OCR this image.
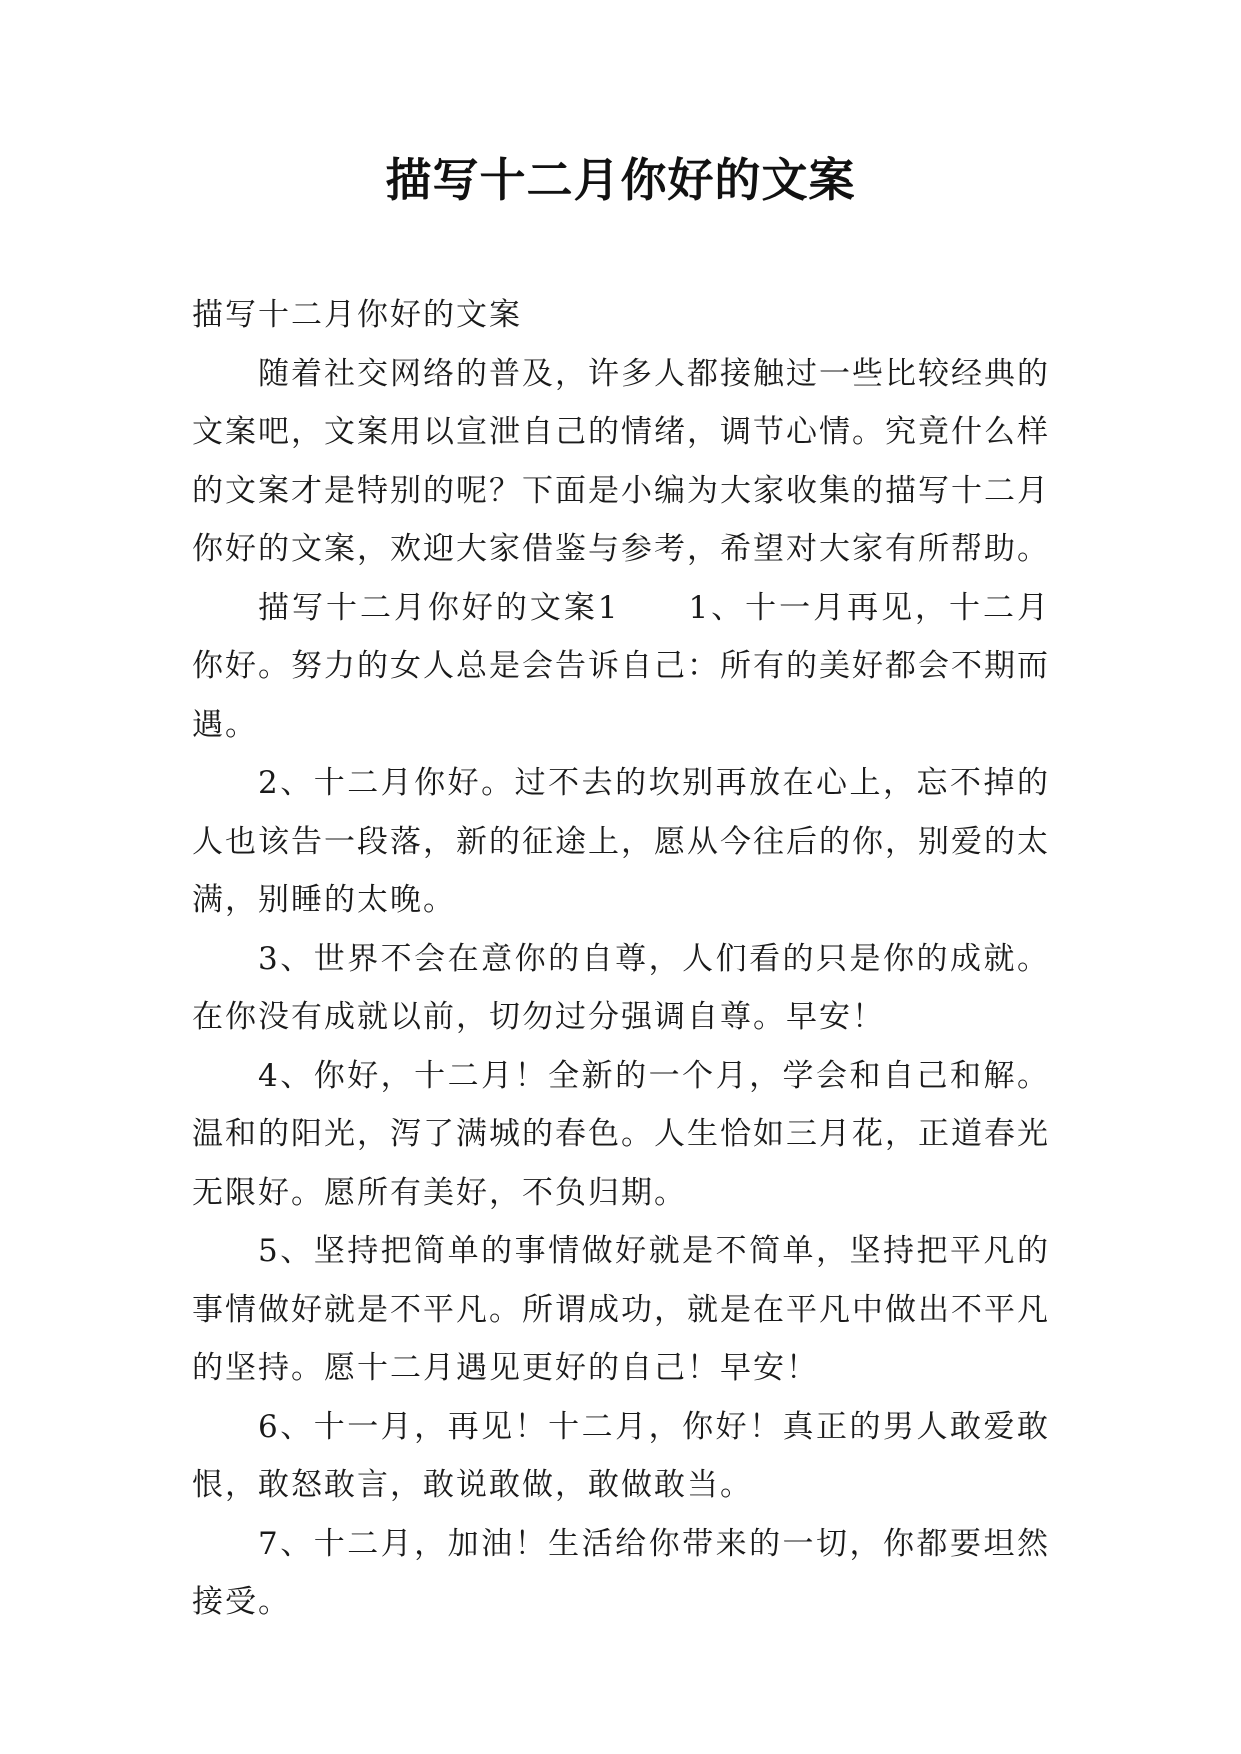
描写十二月你好的文案

描写十二月你好的文案

随着社交网络的普及，许多人都接触过一些比较经典的文案吧，文案用以宣泄自己的情绪，调节心情。究竟什么样的文案才是特别的呢？下面是小编为大家收集的描写十二月你好的文案，欢迎大家借鉴与参考，希望对大家有所帮助。

描写十二月你好的文案1　　1、十一月再见，十二月你好。努力的女人总是会告诉自己：所有的美好都会不期而遇。

2、十二月你好。过不去的坎别再放在心上，忘不掉的人也该告一段落，新的征途上，愿从今往后的你，别爱的太满，别睡的太晚。

3、世界不会在意你的自尊，人们看的只是你的成就。在你没有成就以前，切勿过分强调自尊。早安！

4、你好，十二月！全新的一个月，学会和自己和解。温和的阳光，泻了满城的春色。人生恰如三月花，正道春光无限好。愿所有美好，不负归期。

5、坚持把简单的事情做好就是不简单，坚持把平凡的事情做好就是不平凡。所谓成功，就是在平凡中做出不平凡的坚持。愿十二月遇见更好的自己！早安！

6、十一月，再见！十二月，你好！真正的男人敢爱敢恨，敢怒敢言，敢说敢做，敢做敢当。

7、十二月，加油！生活给你带来的一切，你都要坦然接受。
